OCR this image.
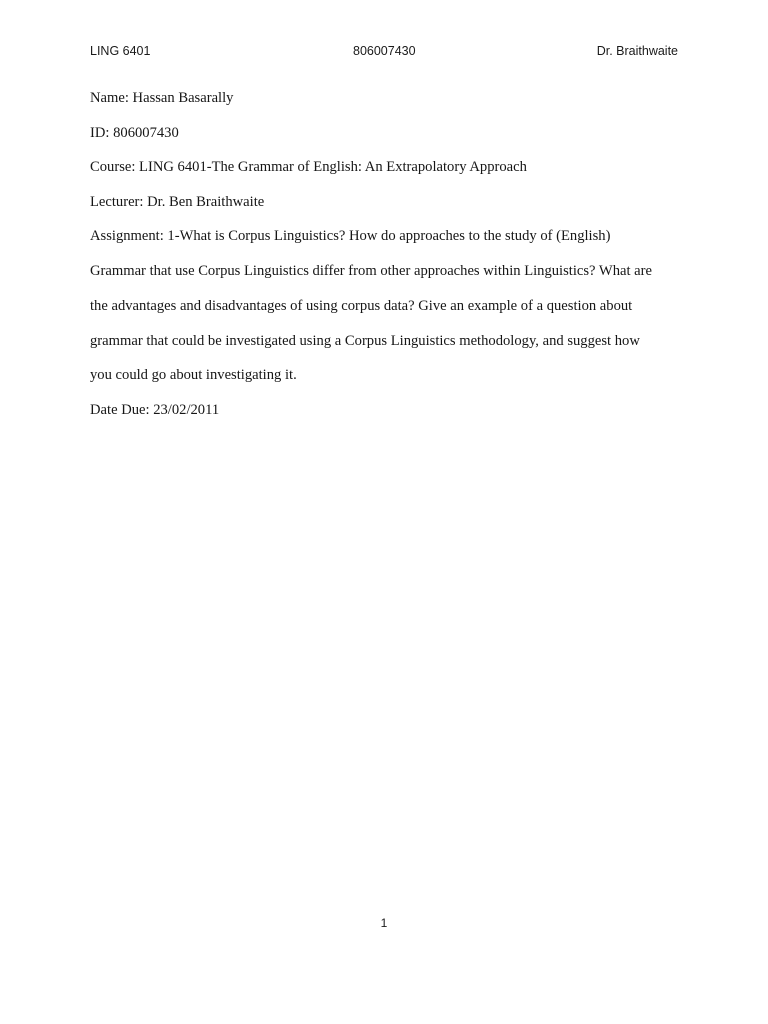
LING 6401	806007430	Dr. Braithwaite
Name: Hassan Basarally
ID: 806007430
Course: LING 6401-The Grammar of English: An Extrapolatory Approach
Lecturer: Dr. Ben Braithwaite
Assignment: 1-What is Corpus Linguistics? How do approaches to the study of (English)
Grammar that use Corpus Linguistics differ from other approaches within Linguistics? What are
the advantages and disadvantages of using corpus data? Give an example of a question about
grammar that could be investigated using a Corpus Linguistics methodology, and suggest how
you could go about investigating it.
Date Due: 23/02/2011
1
